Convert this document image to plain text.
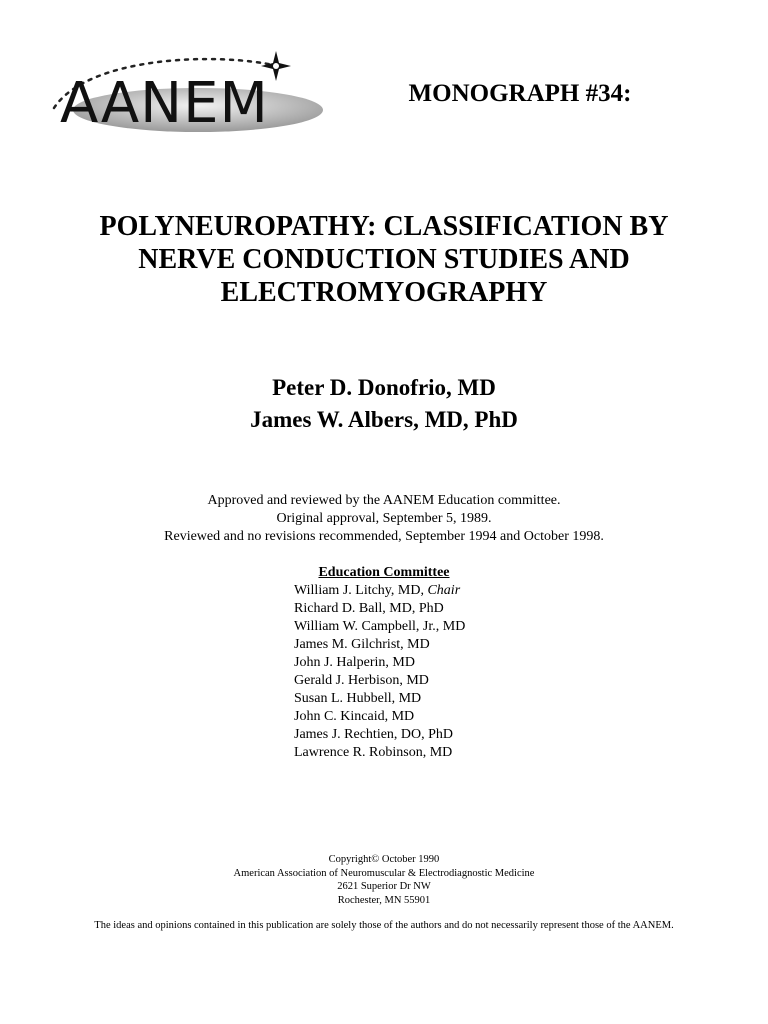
AANEM	MONOGRAPH #34:
POLYNEUROPATHY: CLASSIFICATION BY
NERVE CONDUCTION STUDIES AND
ELECTROMYOGRAPHY
Peter D. Donofrio, MD
James W. Albers, MD, PhD
Approved and reviewed by the AANEM Education committee.
Original approval, September 5, 1989.
Reviewed and no revisions recommended, September 1994 and October 1998.
Education Committee
William J. Litchy, MD, Chair
Richard D. Ball, MD, PhD
William W. Campbell, Jr., MD
James M. Gilchrist, MD
John J. Halperin, MD
Gerald J. Herbison, MD
Susan L. Hubbell, MD
John C. Kincaid, MD
James J. Rechtien, DO, PhD
Lawrence R. Robinson, MD
Copyright© October 1990
American Association of Neuromuscular & Electrodiagnostic Medicine
2621 Superior Dr NW
Rochester, MN 55901
The ideas and opinions contained in this publication are solely those of the authors and do not necessarily represent those of the AANEM.
